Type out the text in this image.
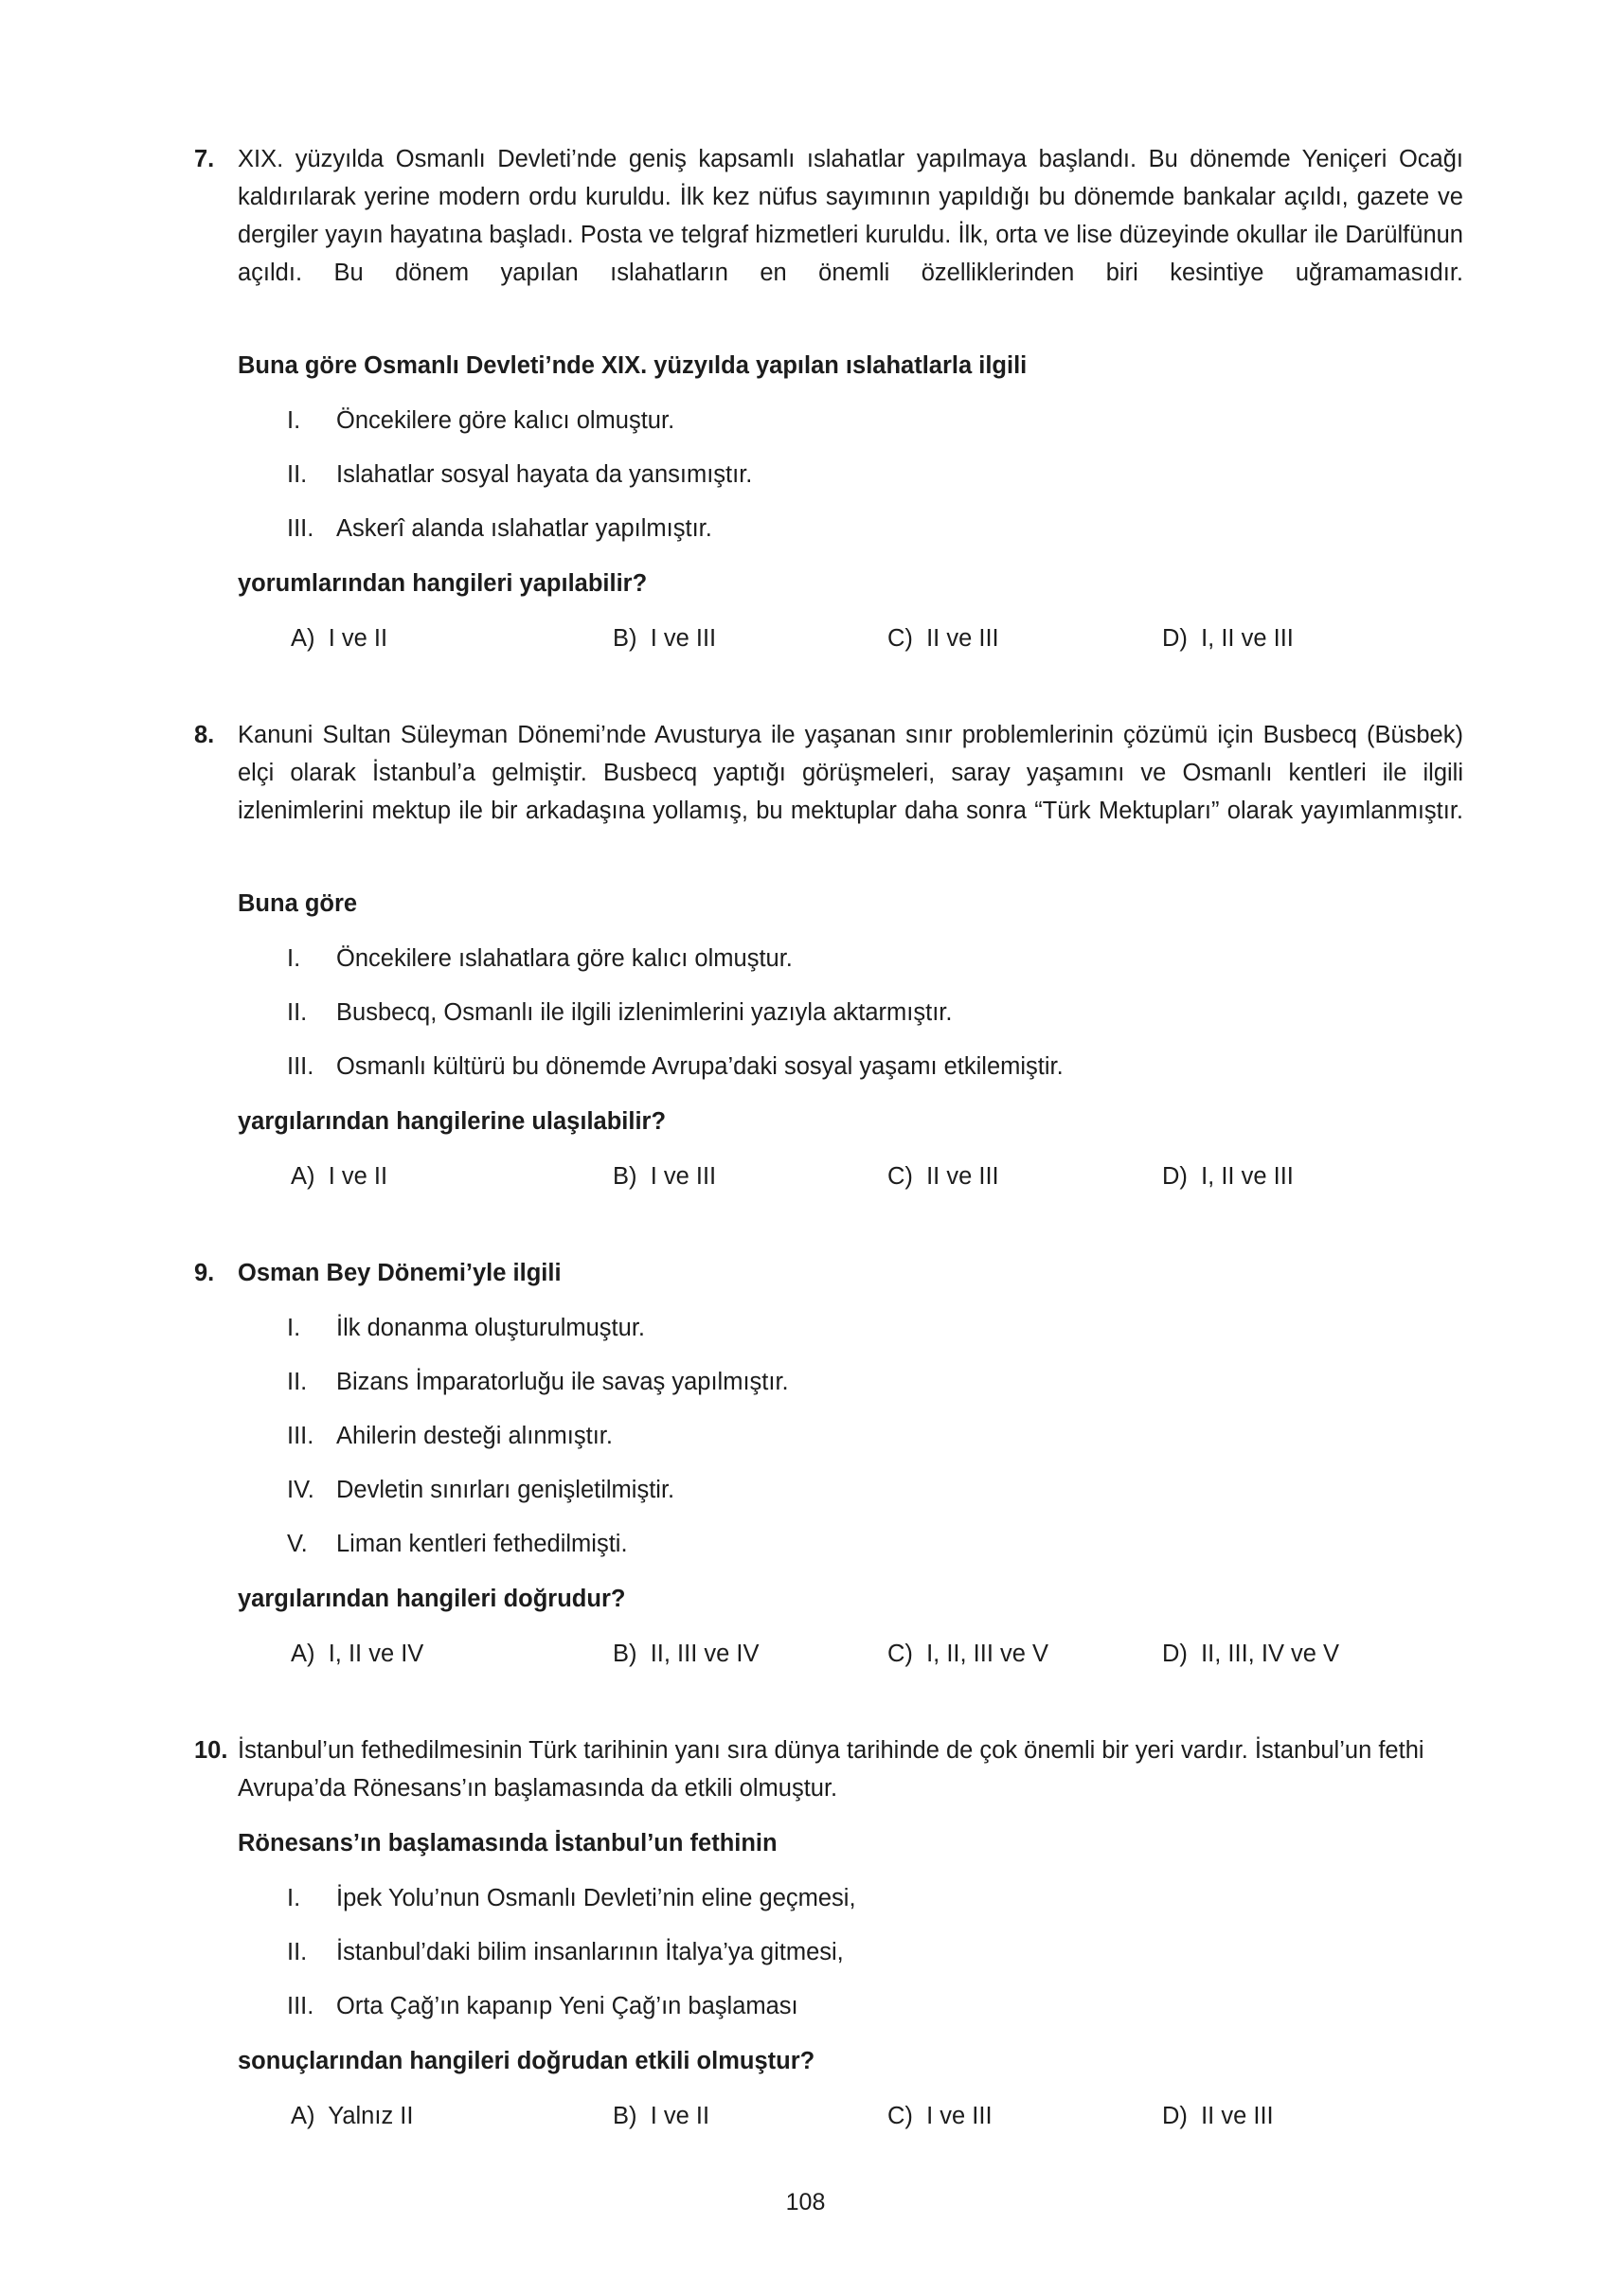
7. XIX. yüzyılda Osmanlı Devleti’nde geniş kapsamlı ıslahatlar yapılmaya başlandı. Bu dönemde Yeniçeri Ocağı kaldırılarak yerine modern ordu kuruldu. İlk kez nüfus sayımının yapıldığı bu dönemde bankalar açıldı, gazete ve dergiler yayın hayatına başladı. Posta ve telgraf hizmetleri kuruldu. İlk, orta ve lise düzeyinde okullar ile Darülfünun açıldı. Bu dönem yapılan ıslahatların en önemli özelliklerinden biri kesintiye uğramamasıdır.

Buna göre Osmanlı Devleti’nde XIX. yüzyılda yapılan ıslahatlarla ilgili

I.	Öncekilere göre kalıcı olmuştur.
II.	Islahatlar sosyal hayata da yansımıştır.
III. Askerî alanda ıslahatlar yapılmıştır.

yorumlarından hangileri yapılabilir?

A)  I ve II	B)  I ve III	C)  II ve III	D)  I, II ve III
8. Kanuni Sultan Süleyman Dönemi’nde Avusturya ile yaşanan sınır problemlerinin çözümü için Busbecq (Büsbek) elçi olarak İstanbul’a gelmiştir. Busbecq yaptığı görüşmeleri, saray yaşamını ve Osmanlı kentleri ile ilgili izlenimlerini mektup ile bir arkadaşına yollamış, bu mektuplar daha sonra “Türk Mektupları” olarak yayımlanmıştır.

Buna göre

I.	Öncekilere ıslahatlara göre kalıcı olmuştur.
II.	Busbecq, Osmanlı ile ilgili izlenimlerini yazıyla aktarmıştır.
III. Osmanlı kültürü bu dönemde Avrupa’daki sosyal yaşamı etkilemiştir.

yargılarından hangilerine ulaşılabilir?

A)  I ve II	B)  I ve III	C)  II ve III	D)  I, II ve III
9. Osman Bey Dönemi’yle ilgili

I.	İlk donanma oluşturulmuştur.
II.	Bizans İmparatorluğu ile savaş yapılmıştır.
III. Ahilerin desteği alınmıştır.
IV. Devletin sınırları genişletilmiştir.
V.	Liman kentleri fethedilmişti.

yargılarından hangileri doğrudur?

A)  I, II ve IV	B)  II, III ve IV	C)  I, II, III ve V	D)  II, III, IV ve V
10. İstanbul’un fethedilmesinin Türk tarihinin yanı sıra dünya tarihinde de çok önemli bir yeri vardır. İstanbul’un fethi Avrupa’da Rönesans’ın başlamasında da etkili olmuştur.

Rönesans’ın başlamasında İstanbul’un fethinin

I.	İpek Yolu’nun Osmanlı Devleti’nin eline geçmesi,
II.	İstanbul’daki bilim insanlarının İtalya’ya gitmesi,
III. Orta Çağ’ın kapanıp Yeni Çağ’ın başlaması

sonuçlarından hangileri doğrudan etkili olmuştur?

A)  Yalnız II	B)  I ve II	C)  I ve III	D)  II ve III
108
